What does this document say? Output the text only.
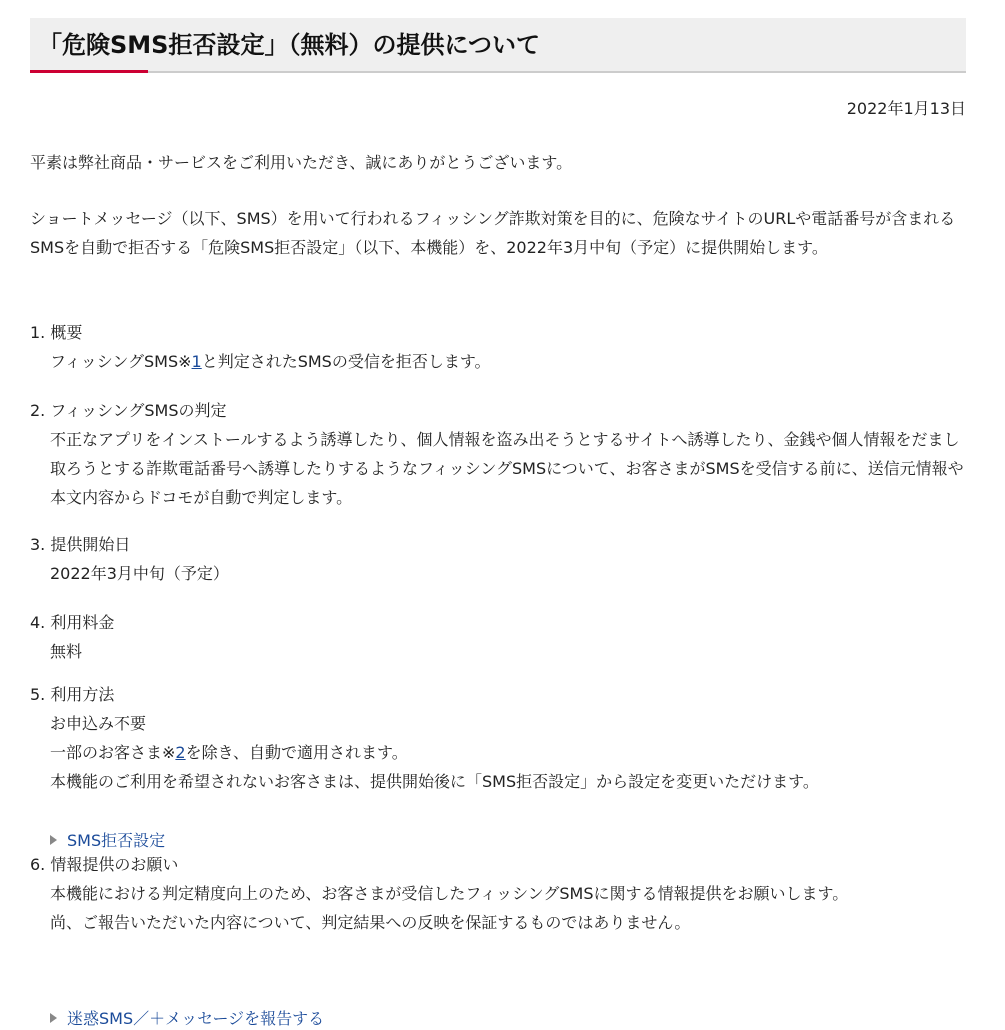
「危険SMS拒否設定」（無料）の提供について
2022年1月13日

平素は弊社商品・サービスをご利用いただき、誠にありがとうございます。

ショートメッセージ（以下、SMS）を用いて行われるフィッシング詐欺対策を目的に、危険なサイトのURLや電話番号が含まれるSMSを自動で拒否する「危険SMS拒否設定」（以下、本機能）を、2022年3月中旬（予定）に提供開始します。

1. 概要
フィッシングSMS※1と判定されたSMSの受信を拒否します。
2. フィッシングSMSの判定
不正なアプリをインストールするよう誘導したり、個人情報を盗み出そうとするサイトへ誘導したり、金銭や個人情報をだまし取ろうとする詐欺電話番号へ誘導したりするようなフィッシングSMSについて、お客さまがSMSを受信する前に、送信元情報や本文内容からドコモが自動で判定します。
3. 提供開始日
2022年3月中旬（予定）
4. 利用料金
無料
5. 利用方法
お申込み不要
一部のお客さま※2を除き、自動で適用されます。
本機能のご利用を希望されないお客さまは、提供開始後に「SMS拒否設定」から設定を変更いただけます。
SMS拒否設定
6. 情報提供のお願い
本機能における判定精度向上のため、お客さまが受信したフィッシングSMSに関する情報提供をお願いします。
尚、ご報告いただいた内容について、判定結果への反映を保証するものではありません。
迷惑SMS／＋メッセージを報告する
